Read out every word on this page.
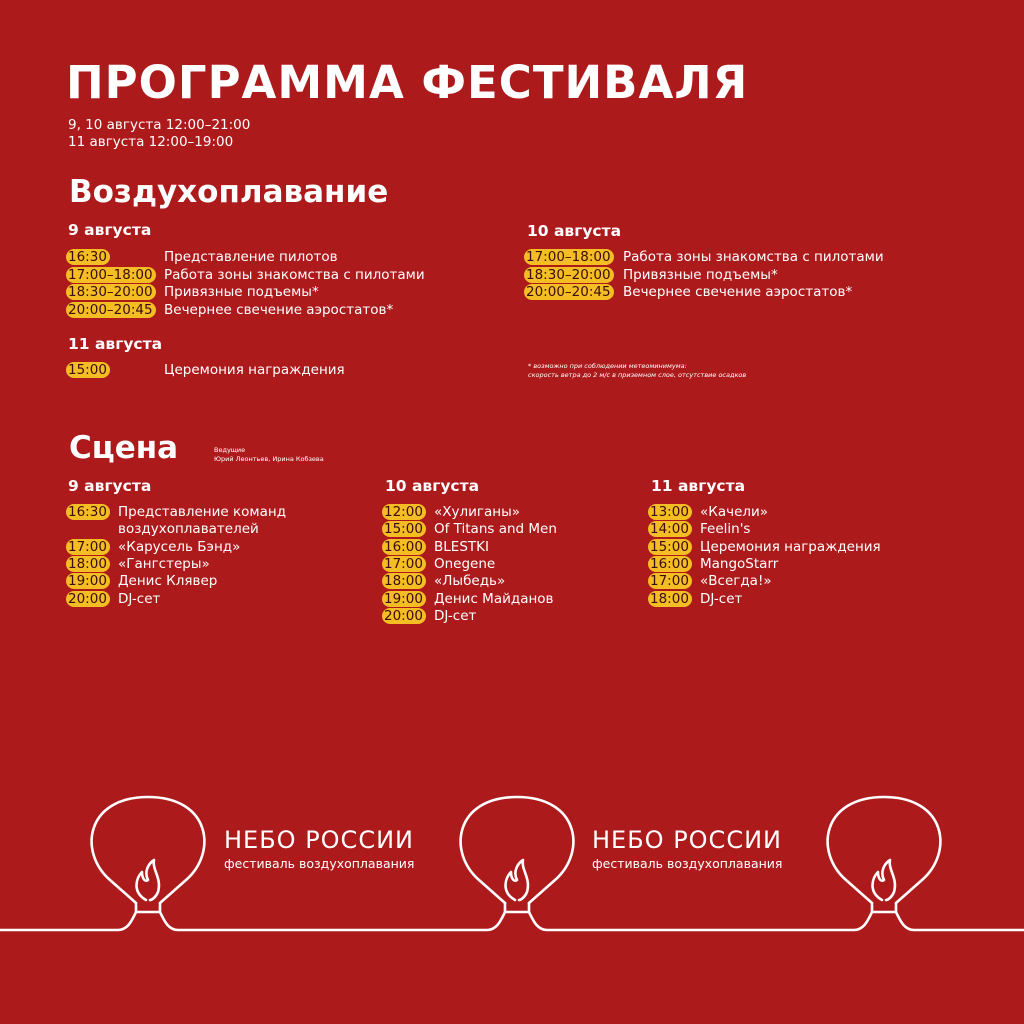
ПРОГРАММА ФЕСТИВАЛЯ
9, 10 августа 12:00–21:00
11 августа 12:00–19:00
Воздухоплавание
9 августа
16:30	Представление пилотов
17:00–18:00 Работа зоны знакомства с пилотами
18:30–20:00 Привязные подъемы*
20:00–20:45 Вечернее свечение аэростатов*
10 августа
17:00–18:00 Работа зоны знакомства с пилотами
18:30–20:00 Привязные подъемы*
20:00–20:45 Вечернее свечение аэростатов*
11 августа
15:00	Церемония награждения	* возможно при соблюдении метеоминимума:
скорость ветра до 2 м/с в приземном слое, отсутствие осадков
Сцена	Ведущие
Юрий Леонтьев, Ирина Кобзева
9 августа
16:30 Представление команд
воздухоплавателей
17:00 «Карусель Бэнд»
18:00 «Гангстеры»
19:00 Денис Клявер
20:00 DJ-сет
10 августа
12:00 «Хулиганы»
15:00 Of Titans and Men
16:00 BLESTKI
17:00 Onegene
18:00 «Лыбедь»
19:00 Денис Майданов
20:00 DJ-сет
11 августа
13:00 «Качели»
14:00 Feelin's
15:00 Церемония награждения
16:00 MangoStarr
17:00 «Всегда!»
18:00 DJ-сет
НЕБО РОССИИ
фестиваль воздухоплавания
НЕБО РОССИИ
фестиваль воздухоплавания
